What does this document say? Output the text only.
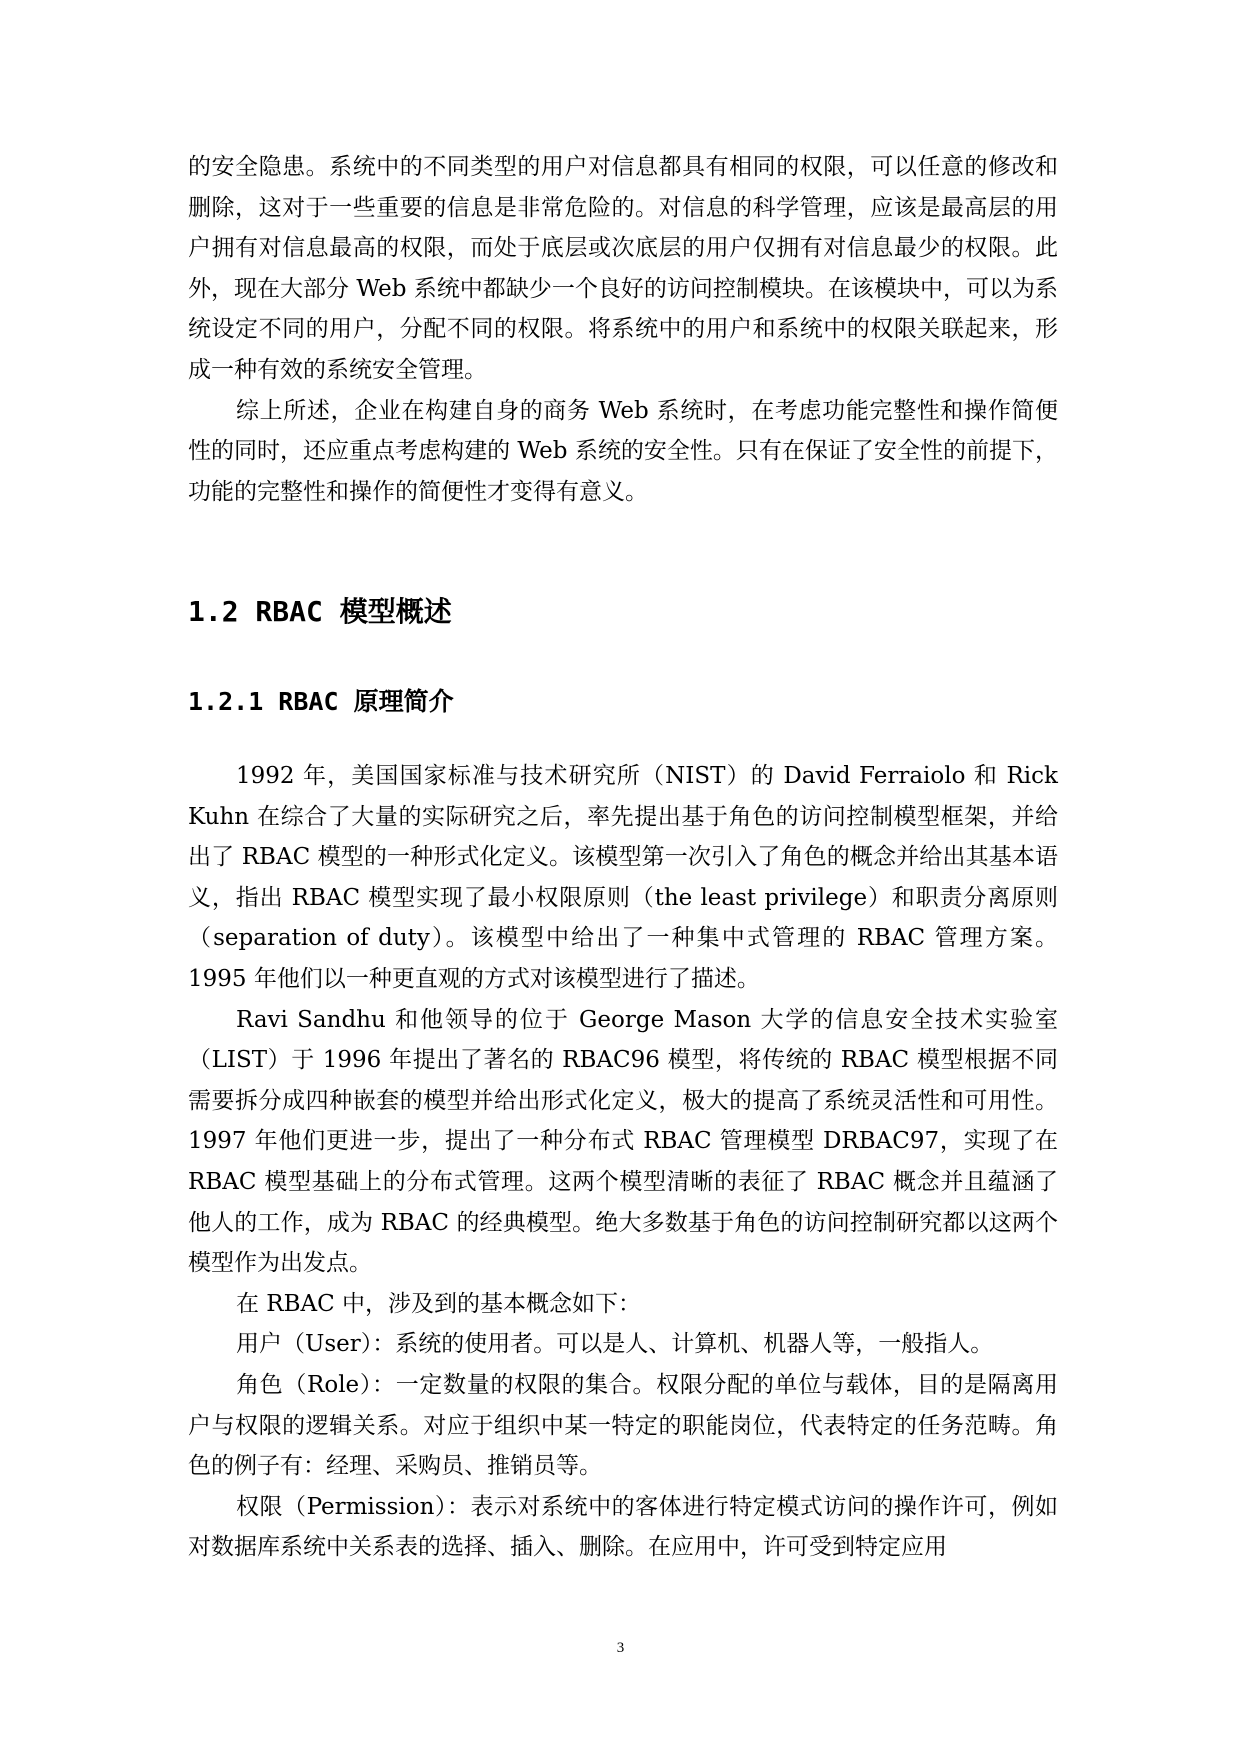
的安全隐患。系统中的不同类型的用户对信息都具有相同的权限，可以任意的修改和删除，这对于一些重要的信息是非常危险的。对信息的科学管理，应该是最高层的用户拥有对信息最高的权限，而处于底层或次底层的用户仅拥有对信息最少的权限。此外，现在大部分 Web 系统中都缺少一个良好的访问控制模块。在该模块中，可以为系统设定不同的用户，分配不同的权限。将系统中的用户和系统中的权限关联起来，形成一种有效的系统安全管理。

综上所述，企业在构建自身的商务 Web 系统时，在考虑功能完整性和操作简便性的同时，还应重点考虑构建的 Web 系统的安全性。只有在保证了安全性的前提下，功能的完整性和操作的简便性才变得有意义。

1.2 RBAC 模型概述
1.2.1 RBAC 原理简介

1992 年，美国国家标准与技术研究所（NIST）的 David Ferraiolo 和 Rick Kuhn 在综合了大量的实际研究之后，率先提出基于角色的访问控制模型框架，并给出了 RBAC 模型的一种形式化定义。该模型第一次引入了角色的概念并给出其基本语义，指出 RBAC 模型实现了最小权限原则（the least privilege）和职责分离原则（separation of duty）。该模型中给出了一种集中式管理的 RBAC 管理方案。1995 年他们以一种更直观的方式对该模型进行了描述。

Ravi Sandhu 和他领导的位于 George Mason 大学的信息安全技术实验室（LIST）于 1996 年提出了著名的 RBAC96 模型，将传统的 RBAC 模型根据不同需要拆分成四种嵌套的模型并给出形式化定义，极大的提高了系统灵活性和可用性。1997 年他们更进一步，提出了一种分布式 RBAC 管理模型 DRBAC97，实现了在 RBAC 模型基础上的分布式管理。这两个模型清晰的表征了 RBAC 概念并且蕴涵了他人的工作，成为 RBAC 的经典模型。绝大多数基于角色的访问控制研究都以这两个模型作为出发点。

在 RBAC 中，涉及到的基本概念如下：

用户（User）：系统的使用者。可以是人、计算机、机器人等，一般指人。

角色（Role）：一定数量的权限的集合。权限分配的单位与载体，目的是隔离用户与权限的逻辑关系。对应于组织中某一特定的职能岗位，代表特定的任务范畴。角色的例子有：经理、采购员、推销员等。

权限（Permission）：表示对系统中的客体进行特定模式访问的操作许可，例如对数据库系统中关系表的选择、插入、删除。在应用中，许可受到特定应用

3
